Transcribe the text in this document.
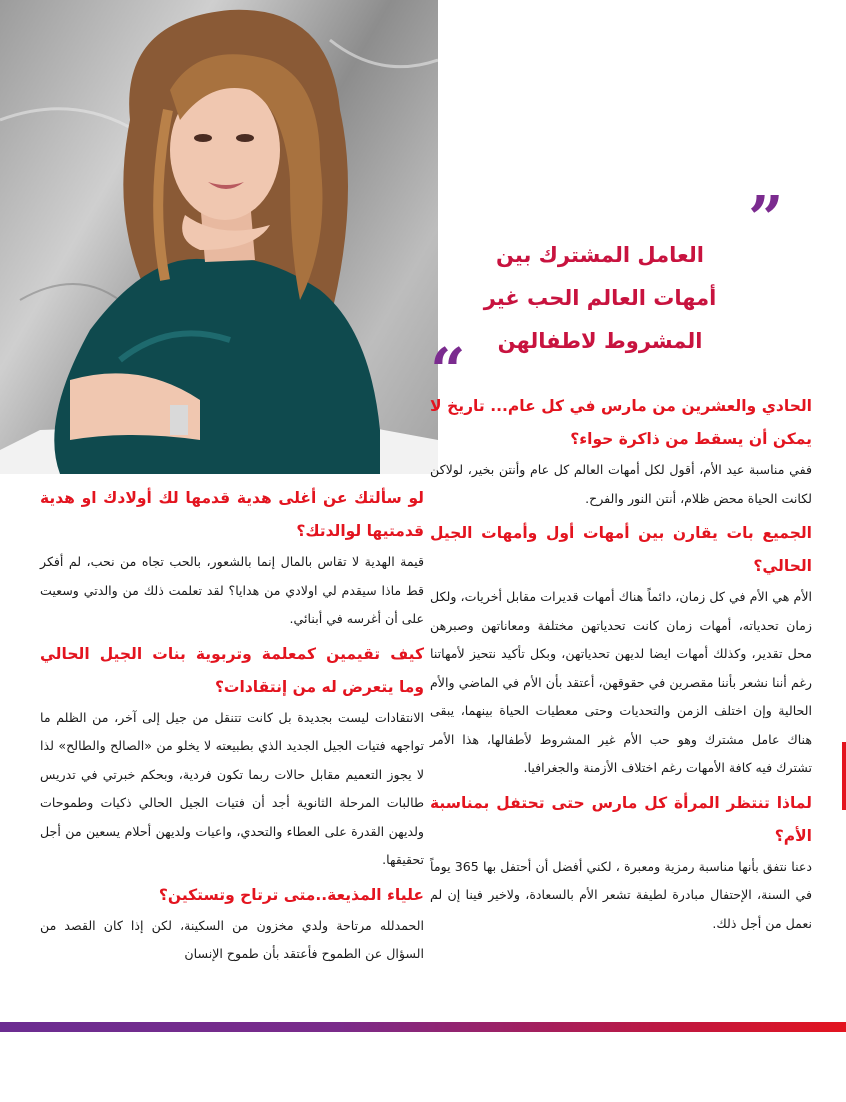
”
العامل المشترك بين
أمهات العالم الحب غير
المشروط لاطفالهن
“

الحادي والعشرين من مارس في كل عام... تاريخ لا يمكن أن يسقط من ذاكرة حواء؟

ففي مناسبة عيد الأم، أقول لكل أمهات العالم كل عام وأنتن بخير، لولاكن لكانت الحياة محض ظلام، أنتن النور والفرح.

الجميع بات يقارن بين أمهات أول وأمهات الجيل الحالي؟

الأم هي الأم في كل زمان، دائماً هناك أمهات قديرات مقابل أخريات، ولكل زمان تحدياته، أمهات زمان كانت تحدياتهن مختلفة ومعاناتهن وصبرهن محل تقدير، وكذلك أمهات ايضا لديهن تحدياتهن، وبكل تأكيد نتحيز لأمهاتنا رغم أننا نشعر بأننا مقصرين في حقوقهن، أعتقد بأن الأم في الماضي والأم الحالية وإن اختلف الزمن والتحديات وحتى معطيات الحياة بينهما، يبقى هناك عامل مشترك وهو حب الأم غير المشروط لأطفالها، هذا الأمر تشترك فيه كافة الأمهات رغم اختلاف الأزمنة والجغرافيا.

لماذا تنتظر المرأة كل مارس حتى تحتفل بمناسبة الأم؟

دعنا نتفق بأنها مناسبة رمزية ومعبرة ، لكني أفضل أن أحتفل بها 365 يوماً في السنة، الإحتفال مبادرة لطيفة تشعر الأم بالسعادة، ولاخير فينا إن لم نعمل من أجل ذلك.

لو سألتك عن أغلى هدية قدمها لك أولادك او هدية قدمتيها لوالدتك؟

قيمة الهدية لا تقاس بالمال إنما بالشعور، بالحب تجاه من نحب، لم أفكر قط ماذا سيقدم لي اولادي من هدايا؟ لقد تعلمت ذلك من والدتي وسعيت على أن أغرسه في أبنائي.

كيف تقيمين كمعلمة وتربوية بنات الجيل الحالي وما يتعرض له من إنتقادات؟

الانتقادات ليست بجديدة بل كانت تتنقل من جيل إلى آخر، من الظلم ما تواجهه فتيات الجيل الجديد الذي بطبيعته لا يخلو من «الصالح والطالح» لذا لا يجوز التعميم مقابل حالات ربما تكون فردية، وبحكم خبرتي في تدريس طالبات المرحلة الثانوية أجد أن فتيات الجيل الحالي ذكيات وطموحات ولديهن القدرة على العطاء والتحدي، واعيات ولديهن أحلام يسعين من أجل تحقيقها.

علياء المذيعة..متى ترتاح وتستكين؟

الحمدلله مرتاحة ولدي مخزون من السكينة، لكن إذا كان القصد من السؤال عن الطموح فأعتقد بأن طموح الإنسان
